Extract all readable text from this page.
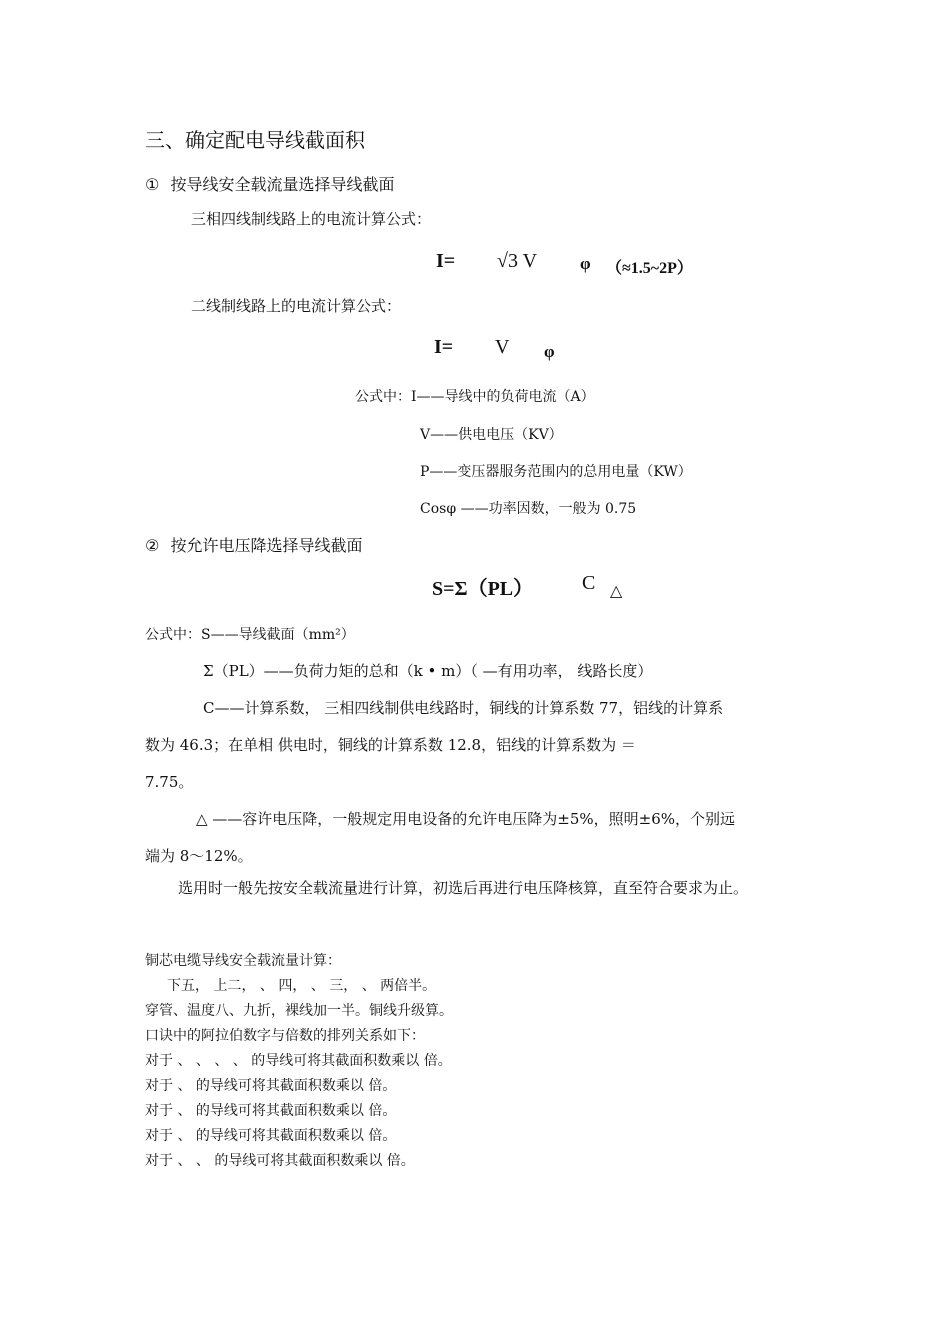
三、确定配电导线截面积
① 按导线安全载流量选择导线截面
三相四线制线路上的电流计算公式：
I= √3 V	φ （≈1.5~2P）
二线制线路上的电流计算公式：
I= V φ
公式中：I——导线中的负荷电流（A）
V——供电电压（KV）
P——变压器服务范围内的总用电量（KW）
Cosφ ——功率因数，一般为 0.75
② 按允许电压降选择导线截面
S=Σ（PL） C △
公式中：S——导线截面（mm²）
Σ（PL）——负荷力矩的总和（k • m）（ —有用功率， 线路长度）
C——计算系数， 三相四线制供电线路时，铜线的计算系数 77，铝线的计算系
数为 46.3；在单相 供电时，铜线的计算系数 12.8，铝线的计算系数为 ＝
7.75。
△ ——容许电压降，一般规定用电设备的允许电压降为±5%，照明±6%，个别远
端为 8～12%。
选用时一般先按安全载流量进行计算，初选后再进行电压降核算，直至符合要求为止。
铜芯电缆导线安全载流量计算：
下五， 上二， 、 四， 、 三， 、 两倍半。
穿管、温度八、九折，裸线加一半。铜线升级算。
口诀中的阿拉伯数字与倍数的排列关系如下：
对于 、 、 、 、 的导线可将其截面积数乘以 倍。
对于 、 的导线可将其截面积数乘以 倍。
对于 、 的导线可将其截面积数乘以 倍。
对于 、 的导线可将其截面积数乘以 倍。
对于 、 、 的导线可将其截面积数乘以 倍。
